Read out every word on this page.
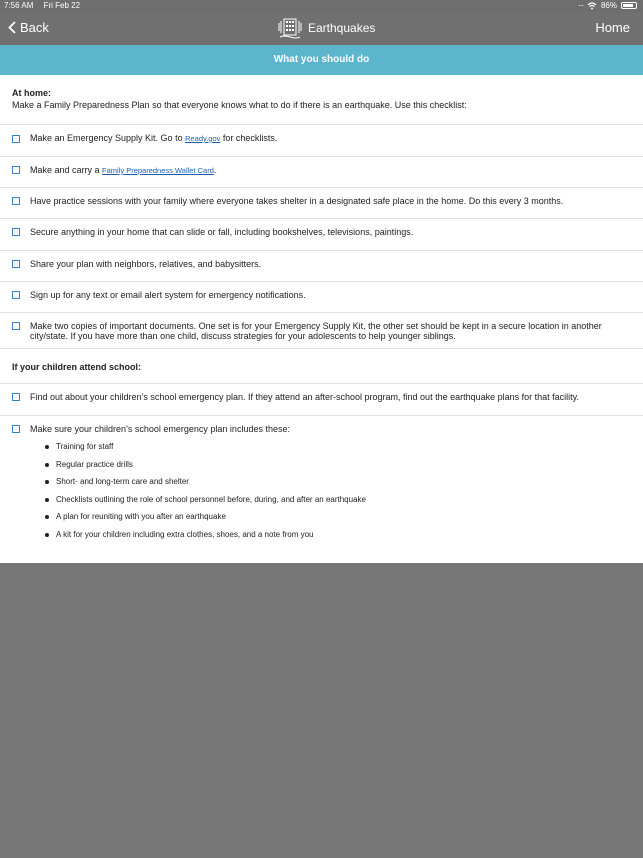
7:56 AM Fri Feb 22	··· 86%
Back	Earthquakes	Home
What you should do
At home:
Make a Family Preparedness Plan so that everyone knows what to do if there is an earthquake. Use this checklist:
Make an Emergency Supply Kit. Go to Ready.gov for checklists.
Make and carry a Family Preparedness Wallet Card.
Have practice sessions with your family where everyone takes shelter in a designated safe place in the home. Do this every 3 months.
Secure anything in your home that can slide or fall, including bookshelves, televisions, paintings.
Share your plan with neighbors, relatives, and babysitters.
Sign up for any text or email alert system for emergency notifications.
Make two copies of important documents. One set is for your Emergency Supply Kit, the other set should be kept in a secure location in another city/state. If you have more than one child, discuss strategies for your adolescents to help younger siblings.
If your children attend school:
Find out about your children’s school emergency plan. If they attend an after-school program, find out the earthquake plans for that facility.
Make sure your children’s school emergency plan includes these:
Training for staff
Regular practice drills
Short- and long-term care and shelter
Checklists outlining the role of school personnel before, during, and after an earthquake
A plan for reuniting with you after an earthquake
A kit for your children including extra clothes, shoes, and a note from you
